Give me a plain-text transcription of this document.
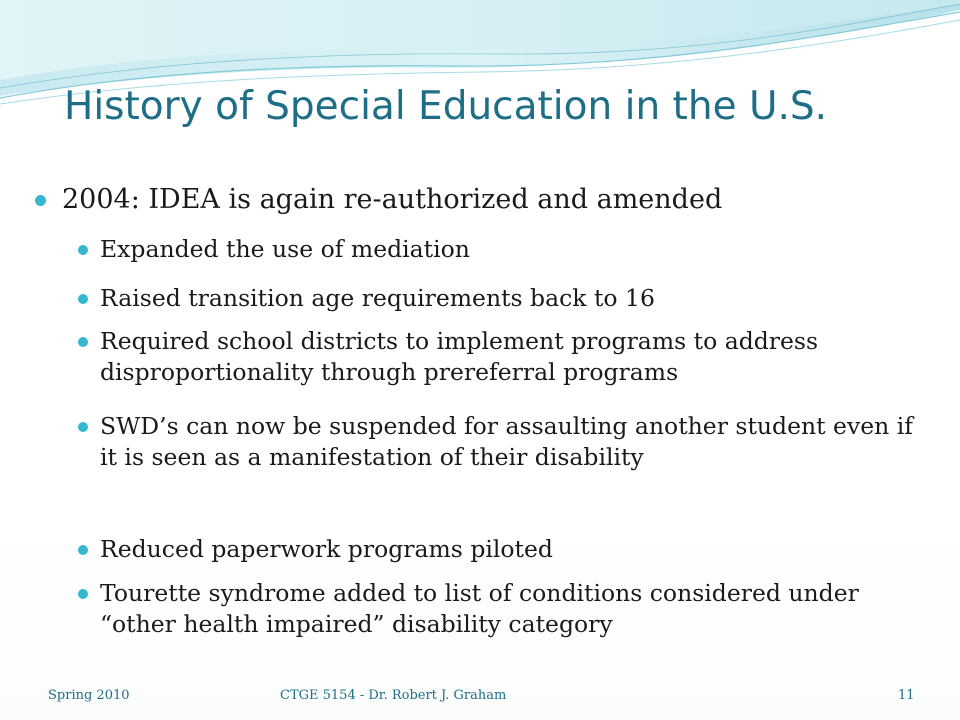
History of Special Education in the U.S.
2004: IDEA is again re-authorized and amended
Expanded the use of mediation
Raised transition age requirements back to 16
Required school districts to implement programs to address disproportionality through prereferral programs
SWD’s can now be suspended for assaulting another student even if it is seen as a manifestation of their disability
Reduced paperwork programs piloted
Tourette syndrome added to list of conditions considered under “other health impaired” disability category
Spring 2010	CTGE 5154 - Dr. Robert J. Graham	11
